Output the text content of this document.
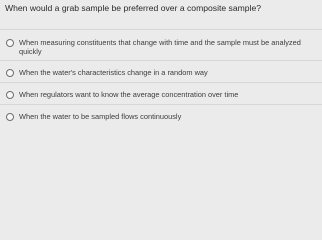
When would a grab sample be preferred over a composite sample?
When measuring constituents that change with time and the sample must be analyzed quickly
When the water's characteristics change in a random way
When regulators want to know the average concentration over time
When the water to be sampled flows continuously
